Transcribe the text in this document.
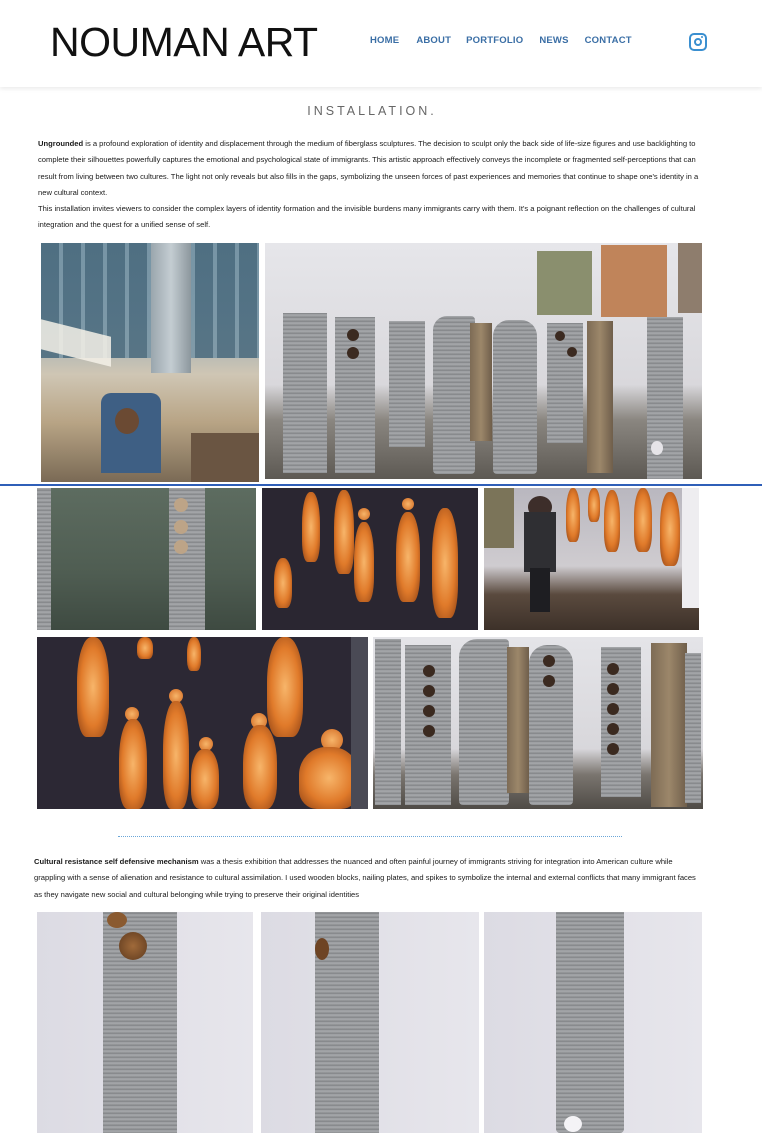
NOUMAN ART	HOME ABOUT PORTFOLIO NEWS CONTACT
INSTALLATION.
Ungrounded is a profound exploration of identity and displacement through the medium of fiberglass sculptures. The decision to sculpt only the back side of life-size figures and use backlighting to complete their silhouettes powerfully captures the emotional and psychological state of immigrants. This artistic approach effectively conveys the incomplete or fragmented self-perceptions that can result from living between two cultures. The light not only reveals but also fills in the gaps, symbolizing the unseen forces of past experiences and memories that continue to shape one's identity in a new cultural context.
This installation invites viewers to consider the complex layers of identity formation and the invisible burdens many immigrants carry with them. It's a poignant reflection on the challenges of cultural integration and the quest for a unified sense of self.
Cultural resistance self defensive mechanism was a thesis exhibition that addresses the nuanced and often painful journey of immigrants striving for integration into American culture while grappling with a sense of alienation and resistance to cultural assimilation. I used wooden blocks, nailing plates, and spikes to symbolize the internal and external conflicts that many immigrant faces as they navigate new social and cultural belonging while trying to preserve their original identities
